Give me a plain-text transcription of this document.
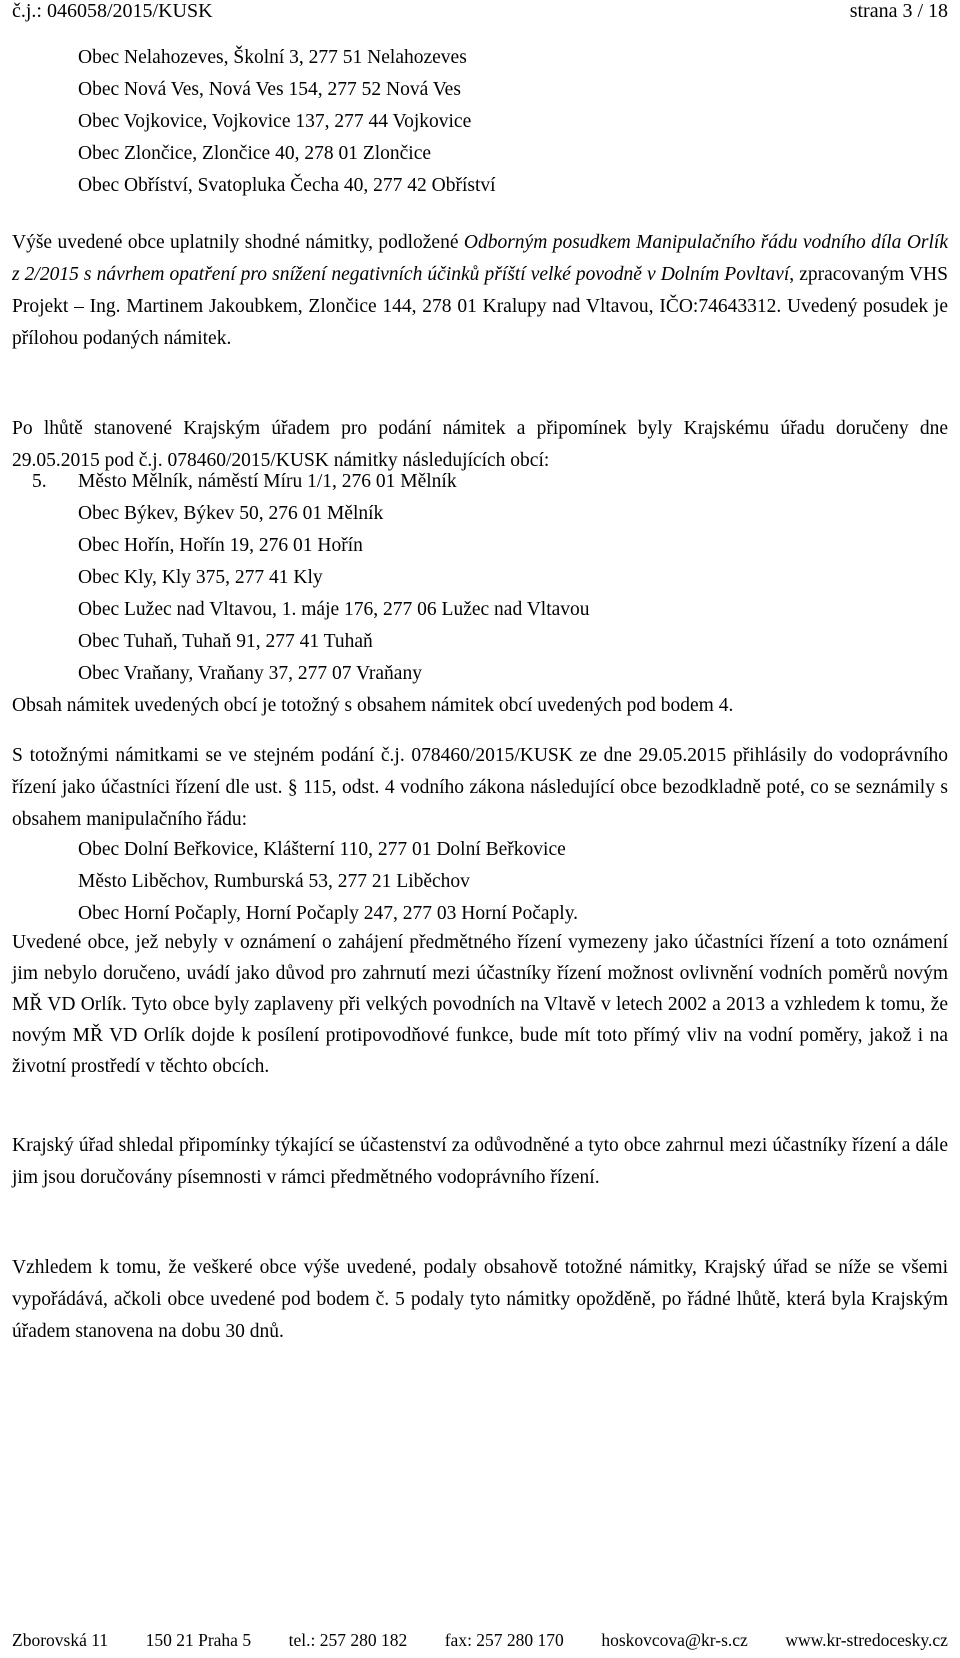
č.j.: 046058/2015/KUSK	strana 3 / 18
Obec Nelahozeves, Školní 3, 277 51 Nelahozeves
Obec Nová Ves, Nová Ves 154, 277 52 Nová Ves
Obec Vojkovice, Vojkovice 137, 277 44 Vojkovice
Obec Zlončice, Zlončice 40, 278 01 Zlončice
Obec Obříství, Svatopluka Čecha 40, 277 42 Obříství
Výše uvedené obce uplatnily shodné námitky, podložené Odborným posudkem Manipulačního řádu vodního díla Orlík z 2/2015 s návrhem opatření pro snížení negativních účinků příští velké povodně v Dolním Povltaví, zpracovaným VHS Projekt – Ing. Martinem Jakoubkem, Zlončice 144, 278 01 Kralupy nad Vltavou, IČO:74643312. Uvedený posudek je přílohou podaných námitek.
Po lhůtě stanovené Krajským úřadem pro podání námitek a připomínek byly Krajskému úřadu doručeny dne 29.05.2015 pod č.j. 078460/2015/KUSK námitky následujících obcí:
5. Město Mělník, náměstí Míru 1/1, 276 01 Mělník
Obec Býkev, Býkev 50, 276 01 Mělník
Obec Hořín, Hořín 19, 276 01 Hořín
Obec Kly, Kly 375, 277 41 Kly
Obec Lužec nad Vltavou, 1. máje 176, 277 06 Lužec nad Vltavou
Obec Tuhaň, Tuhaň 91, 277 41 Tuhaň
Obec Vraňany, Vraňany 37, 277 07 Vraňany
Obsah námitek uvedených obcí je totožný s obsahem námitek obcí uvedených pod bodem 4.
S totožnými námitkami se ve stejném podání č.j. 078460/2015/KUSK ze dne 29.05.2015 přihlásily do vodoprávního řízení jako účastníci řízení dle ust. § 115, odst. 4 vodního zákona následující obce bezodkladně poté, co se seznámily s obsahem manipulačního řádu:
Obec Dolní Beřkovice, Klášterní 110, 277 01 Dolní Beřkovice
Město Liběchov, Rumburská 53, 277 21 Liběchov
Obec Horní Počaply, Horní Počaply 247, 277 03 Horní Počaply.
Uvedené obce, jež nebyly v oznámení o zahájení předmětného řízení vymezeny jako účastníci řízení a toto oznámení jim nebylo doručeno, uvádí jako důvod pro zahrnutí mezi účastníky řízení možnost ovlivnění vodních poměrů novým MŘ VD Orlík. Tyto obce byly zaplaveny při velkých povodních na Vltavě v letech 2002 a 2013 a vzhledem k tomu, že novým MŘ VD Orlík dojde k posílení protipovodňové funkce, bude mít toto přímý vliv na vodní poměry, jakož i na životní prostředí v těchto obcích.
Krajský úřad shledal připomínky týkající se účastenství za odůvodněné a tyto obce zahrnul mezi účastníky řízení a dále jim jsou doručovány písemnosti v rámci předmětného vodoprávního řízení.
Vzhledem k tomu, že veškeré obce výše uvedené, podaly obsahově totožné námitky, Krajský úřad se níže se všemi vypořádává, ačkoli obce uvedené pod bodem č. 5 podaly tyto námitky opožděně, po řádné lhůtě, která byla Krajským úřadem stanovena na dobu 30 dnů.
Zborovská 11 150 21 Praha 5 tel.: 257 280 182 fax: 257 280 170 hoskovcova@kr-s.cz www.kr-stredocesky.cz
